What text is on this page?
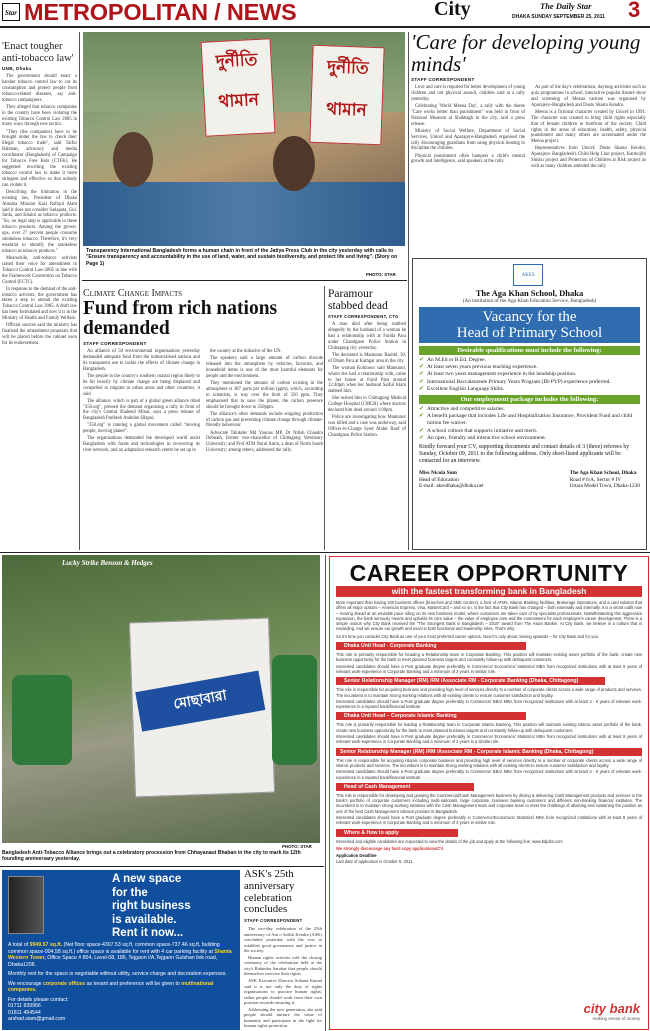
Star METROPOLITAN / NEWS	City	The Daily Star
DHAKA SUNDAY SEPTEMBER 25, 2011 3
'Enact tougher anti-tobacco law'
UNB, Dhaka

The government should enact a harsher tobacco control law to cut its consumption and protect people from tobacco-related diseases, say anti-tobacco campaigners.

They alleged that tobacco companies in the country have been violating the existing Tobacco Control Law 2005 in many ways through new tactics.

"They (the companies) have to be brought under the law to check their illegal tobacco trade", said Taifur Rahman, advocacy and media coordinator (Bangladesh) of Campaign for Tobacco Free Kids (CTFK). He suggested rewriting the existing tobacco control law to make it more stringent and effective so that nobody can violate it.

Describing the limitation in the existing law, President of Dhaka Ahsania Mission Kazi Rafiqul Alam said it does not consider Sadapata, Gul, Jarda, and Khaini as tobacco products. "So, no legal step is applicable to these tobacco products. Among the grown-ups, over 27 percent people consume smokeless tobacco. Therefore, it's very essential to identify the smokeless tobacco as tobacco products."

Meanwhile, anti-tobacco activists raised their voice for amendment to Tobacco Control Law-2005 in line with the Framework Convention on Tobacco Control (FCTC).

In response to the demand of the anti-tobacco activists, the government has taken a step to amend the existing Tobacco Control Law 2005. A draft law has been formulated and now it is in the Ministry of Health and Family Welfare.

Official sources said the ministry has finalised the amendment proposals that will be placed before the cabinet soon for its endorsement.

দুর্নীতি থামান
দুর্নীতি থামান
Transparency International Bangladesh forms a human chain in front of the Jatiya Press Club in the city yesterday with calls to "Ensure transparency and accountability in the use of land, water, and sustain biodiversity, and protect life and living". (Story on Page 1)
PHOTO: STAR
'Care for developing young minds'
STAFF CORRESPONDENT

Love and care is required for better development of young children and not physical assault, children said at a rally yesterday.

Celebrating 'World Meena Day', a rally with the theme "Care works better than punishment" was held in front of National Museum at Shahbagh in the city, said a press release.

Ministry of Social Welfare, Department of Social Services, Unicef and Aparajeyo-Bangladesh organised the rally discouraging guardians from using physical beating to discipline the children.

Physical punishment often hampers a child's mental growth and intelligence, said speakers at the rally.

As part of the day's celebrations, daylong activities such as quiz programmes in school, interactive popular theatre show and screening of Meena cartoon was organised by Aparajeyo-Bangladesh and Dusto Shasto Kendro.

Meena is a fictional character created by Unicef in 1991. The character was created to bring child rights especially that of female children to forefront of the society. Child rights in the areas of education, health, safety, physical punishment and many others are accentuated under the Meena project.

Representatives from Unicef, Dusto Shasto Kendro, Aparajeyo Bangladesh's Child Help Line project, Karmojibi Shishu project and Protection of Children at Risk project as well as many children attended the rally.

Climate Change Impacts
Fund from rich nations demanded
STAFF CORRESPONDENT

An alliance of 50 environmental organisations yesterday demanded adequate fund from the industrialised nations and its transparent use to tackle the effects of climate change in Bangladesh.

The people in the country's southern coastal region likely to be hit heavily by climate change are being displaced and compelled to migrate to urban areas and other countries, it said.

The alliance, which is part of a global green alliance titled "350.org", pressed the demand organising a rally in front of the city's Central Shaheed Minar, says a press release of Bangladesh Paribesh Andolon (Bapa).

"350.org" is running a global movement called "moving people, moving planet".

The organisations demanded the developed world assist Bangladesh with funds and technologies in recovering its river network, and an adaptation research centre be set up in

the country at the initiative of the UN.

The speakers said a large amount of carbon dioxide released into the atmosphere by vehicles, factories, and household items is one of the most harmful elements for people and the environment.

They mentioned the amount of carbon existing in the atmosphere is 387 parts per million (ppm), which, according to scientists, is way over the limit of 350 ppm. They emphasised that to save the planet, the carbon presence should be brought down to 350ppm.

The alliance's other demands include stopping production of carbon gas and preventing climate change through climate-friendly behaviour.

Advocate Talukder Md Younus MP, Dr Nitish Chandra Debnath, former vice-chancellor of Chittagong Veterinary University; and Prof ATM Nurul Amin, a dean of North South University; among others, addressed the rally.

Paramour stabbed dead
STAFF CORRESPONDENT, CTG

A man died after being stabbed allegedly by the husband of a woman he had a relationship with at Farida Para under Chandgaon Police Station in Chittagong city yesterday.

The deceased is Mamunur Rashid, 30, of Dham Para at Kathgar area in the city.

The woman Kohinoor said Mamunur, whom she had a relationship with, came to her house at Farid Para around 12:40pm when her husband Saiful Islam stabbed him.

She rushed him to Chittagong Medical College Hospital (CMCH) where doctors declared him dead around 1:00pm.

Police are investigating how Mamunur was killed and a case was underway, said Officer-in-Charge Syed Abdur Rauf of Chandgaon Police Station.

AKES
The Aga Khan School, Dhaka
(An institution of the Aga Khan Education Service, Bangladesh)
Vacancy for the
Head of Primary School
Desirable qualifications must include the following:
✔ An M.Ed or B.Ed. Degree.
✔ At least seven years previous teaching experience.
✔ At least two years management experience in the headship position.
✔ International Baccalaureate Primary Years Program (IB-PYP) experience preferred.
✔ Excellent English Language Skills.
Our employment package includes the following:
✔ Attractive and competitive salaries.
✔ A benefit package that includes Life and Hospitalization Insurance, Provident Fund and child tuition fee waiver.
✔ A school culture that supports initiative and merit.
✔ An open, friendly and interactive school environment.
Kindly forward your CV, supporting documents and contact details of 3 (three) referees by Sunday, October 09, 2011 to the following address. Only short-listed applicants will be contacted for an interview.
Miss Nicola Sum
Head of Education
E-mail: akesdhaka@dhaka.net
The Aga Khan School, Dhaka
Road # 6/A, Sector # IV
Uttara Model Town, Dhaka-1230
Lucky Strike Benson & Hedges
মোছাবারা
PHOTO: STAR
Bangladesh Anti-Tobacco Alliance brings out a celebratory procession from Chhayanaut Bhaban in the city to mark its 12th founding anniversary yesterday.
A new space
for the
right business
is available.
Rent it now...
A total of 9949.57 sq.ft. (Net floor space-4307.53 sq.ft, common space-737.46 sq.ft, building common space-904.58 sq.ft.) office space is available for rent with 4 car parking facility at Shanta Western Tower, Office Space # 804, Level-08, 186, Tejgaon I/A,Tejgaon Gulshan link road, Dhaka1208.
Monthly rent for the space is negotiable without utility, service charge and decoration expenses.
We encourage corporate offices as tenant and preference will be given to multinational companies.
For details please contact:
01711 839956
01811 454544
arshad.siam@gmail.com
ASK's 25th anniversary celebration concludes
STAFF CORRESPONDENT

The two-day celebration of the 25th anniversary of Ain o Salish Kendra (ASK) concluded yesterday with the vow to establish good governance and justice in the society.

Human rights activists told the closing ceremony of the celebration held at the city's Rabindra Sarobar that people should themselves exercise their rights.

ASK Executive Director Sultana Kamal said it is not only the duty of rights organisations to practice human rights; rather people should work from their own position towards ensuring it.

Addressing the new generation, she said people should nurture the value of humanity and participate in the fight for human rights protection.

CAREER OPPORTUNITY
with the fastest transforming bank in Bangladesh
More important than having 100 business offices (branches and SME centers), a host of ATMs, Islamic Banking facilities, Brokerage Operations, and a card solution that offers all major options – American Express, Visa, MasterCard – and so on, is the fact that City Bank has changed – both externally and internally. It is a smart outfit now – moving ahead at an enviable pace riding on its new business model, where customers are taken care of by specialist professionals. Notwithstanding this aggressive expansion, the bank seriously means and upholds its core value – the value of employee care and the commitment for each employee's career development. There is a simple reason why City Bank received the "The Strongest Bank in Bangladesh – 2010" award from The Asian Banker. At City Bank, we believe in a culture that is rewarding. And we ensure our growth and excel in both functional and leadership roles. That's why.
So it's time you consider City Bank as one of your most preferred career options. Now it's only about moving upwards – for City Bank and for you.
Dhaka Unit Head - Corporate Banking
This role is primarily responsible for heading a Relationship team in Corporate Banking. This position will maintain existing asset portfolio of the bank, create new business opportunity for the bank to meet planned business targets and constantly follow-up with delinquent customers.
Interested candidates should have a Post graduate degree preferably in Commerce/ Economics/ Statistics/ MBA from recognized institutions with at least 8 years of relevant work-experience in Corporate Banking and a minimum of 3 years in similar role.
Senior Relationship Manager (RM) /RM /Associate RM - Corporate Banking (Dhaka, Chittagong)
This role is responsible for acquiring business and providing high level of services directly to a number of corporate clients across a wide range of products and services. The incumbent is to maintain strong working relations with all existing clients to ensure customer satisfaction and loyalty.
Interested candidates should have a Post graduate degree preferably in Commerce/ BBA/ MBA from recognized institutions with at least 3 - 5 years of relevant work-experience in a reputed bank/financial institute.
Dhaka Unit Head – Corporate Islamic Banking
This role is primarily responsible for leading a Relationship team in Corporate Islamic Banking. This position will maintain existing Islamic asset portfolio of the bank, create new business opportunity for the bank to meet planned business targets and constantly follow-up with delinquent customers.
Interested candidates should have a Post graduate degree preferably in Commerce/ Economics/ Statistics/ MBA from recognized institutions with at least 8 years of relevant work-experience in Corporate Banking and a minimum of 3 years in a similar role.
Senior Relationship Manager (RM) /RM /Associate RM - Corporate Islamic Banking (Dhaka, Chittagong)
This role is responsible for acquiring Islamic corporate business and providing high level of services directly to a number of corporate clients across a wide range of Islamic products and services. The incumbent is to maintain strong working relations with all existing clients to ensure customer satisfaction and loyalty.
Interested candidates should have a Post graduate degree preferably in Commerce/ BBA/ MBA from recognized institutions with at least 3 - 5 years of relevant work-experience in a reputed bank/financial institute.
Head of Cash Management
This role is responsible for developing and growing the Commercial/Cash Management business by driving & delivering Cash Management products and services to the bank's portfolio of corporate customers including multi-nationals, large corporate, business banking customers and different non-banking financial institutes. The incumbent is to maintain strong working relations with the Cash Management team and corporate team to meet the challenge of attaining and sustaining the position as one of the best Cash Management solution provider in Bangladesh.
Interested candidates should have a Post graduate degree preferably in Commerce/Economics/ Statistics/ MBA from recognized institutions with at least 8 years of relevant work-experience in Corporate Banking and a minimum of 3 years in similar role.
Where & How to apply
Interested and eligible candidates are requested to view the details of the job and apply at the following link: www.bdjobs.com
We strongly discourage any hard copy applications/CV.
Application Deadline
Last date of application is October 5, 2011.
city bank
making sense of money
